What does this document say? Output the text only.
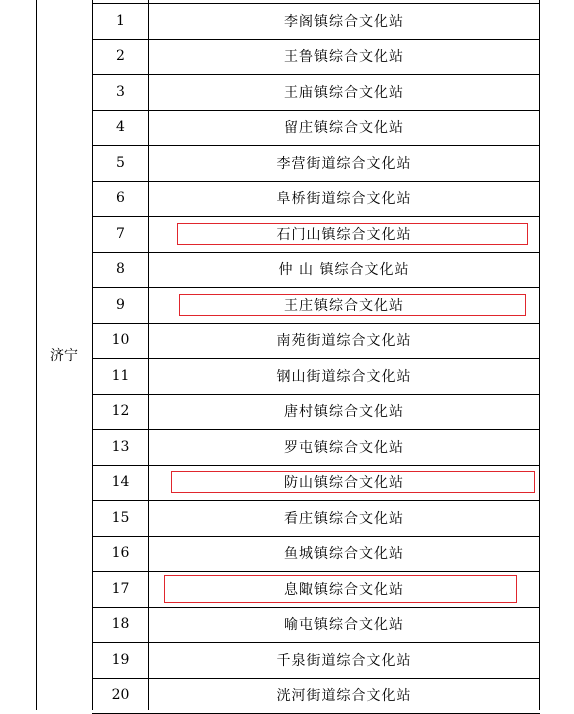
济宁
1	李阁镇综合文化站
2	王鲁镇综合文化站
3	王庙镇综合文化站
4	留庄镇综合文化站
5	李营街道综合文化站
6	阜桥街道综合文化站
7	石门山镇综合文化站
8	仲 山 镇综合文化站
9	王庄镇综合文化站
10	南苑街道综合文化站
11	钢山街道综合文化站
12	唐村镇综合文化站
13	罗屯镇综合文化站
14	防山镇综合文化站
15	看庄镇综合文化站
16	鱼城镇综合文化站
17	息陬镇综合文化站
18	喻屯镇综合文化站
19	千泉街道综合文化站
20	洸河街道综合文化站
